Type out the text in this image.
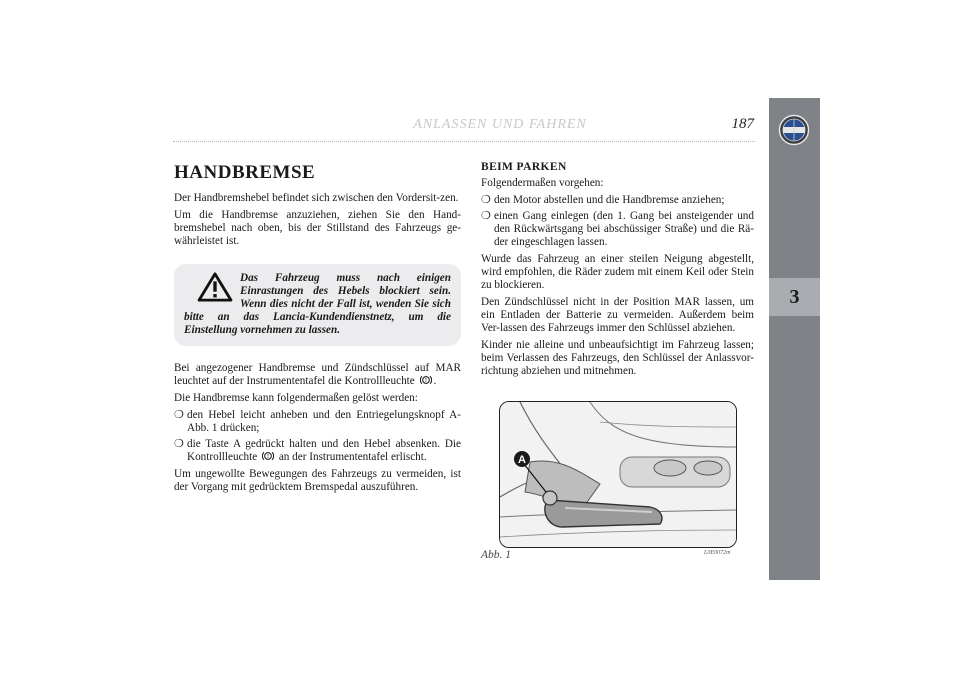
ANLASSEN UND FAHREN	187
3
HANDBREMSE

Der Handbremshebel befindet sich zwischen den Vordersit-zen.

Um die Handbremse anzuziehen, ziehen Sie den Hand-bremshebel nach oben, bis der Stillstand des Fahrzeugs ge-währleistet ist.

Das Fahrzeug muss nach einigen Einrastungen des Hebels blockiert sein. Wenn dies nicht der Fall ist, wenden Sie sich bitte an das Lancia-Kundendienstnetz, um die Einstellung vornehmen zu lassen.

Bei angezogener Handbremse und Zündschlüssel auf MAR leuchtet auf der Instrumententafel die Kontrollleuchte ! .

Die Handbremse kann folgendermaßen gelöst werden:

❍ den Hebel leicht anheben und den Entriegelungsknopf A-Abb. 1 drücken;
❍ die Taste A gedrückt halten und den Hebel absenken. Die Kontrollleuchte ! an der Instrumententafel erlischt.

Um ungewollte Bewegungen des Fahrzeugs zu vermeiden, ist der Vorgang mit gedrücktem Bremspedal auszuführen.

BEIM PARKEN

Folgendermaßen vorgehen:

❍ den Motor abstellen und die Handbremse anziehen;
❍ einen Gang einlegen (den 1. Gang bei ansteigender und den Rückwärtsgang bei abschüssiger Straße) und die Rä-der eingeschlagen lassen.

Wurde das Fahrzeug an einer steilen Neigung abgestellt, wird empfohlen, die Räder zudem mit einem Keil oder Stein zu blockieren.

Den Zündschlüssel nicht in der Position MAR lassen, um ein Entladen der Batterie zu vermeiden. Außerdem beim Ver-lassen des Fahrzeugs immer den Schlüssel abziehen.

Kinder nie alleine und unbeaufsichtigt im Fahrzeug lassen; beim Verlassen des Fahrzeugs, den Schlüssel der Anlassvor-richtung abziehen und mitnehmen.

A
Abb. 1	L0E0072m
